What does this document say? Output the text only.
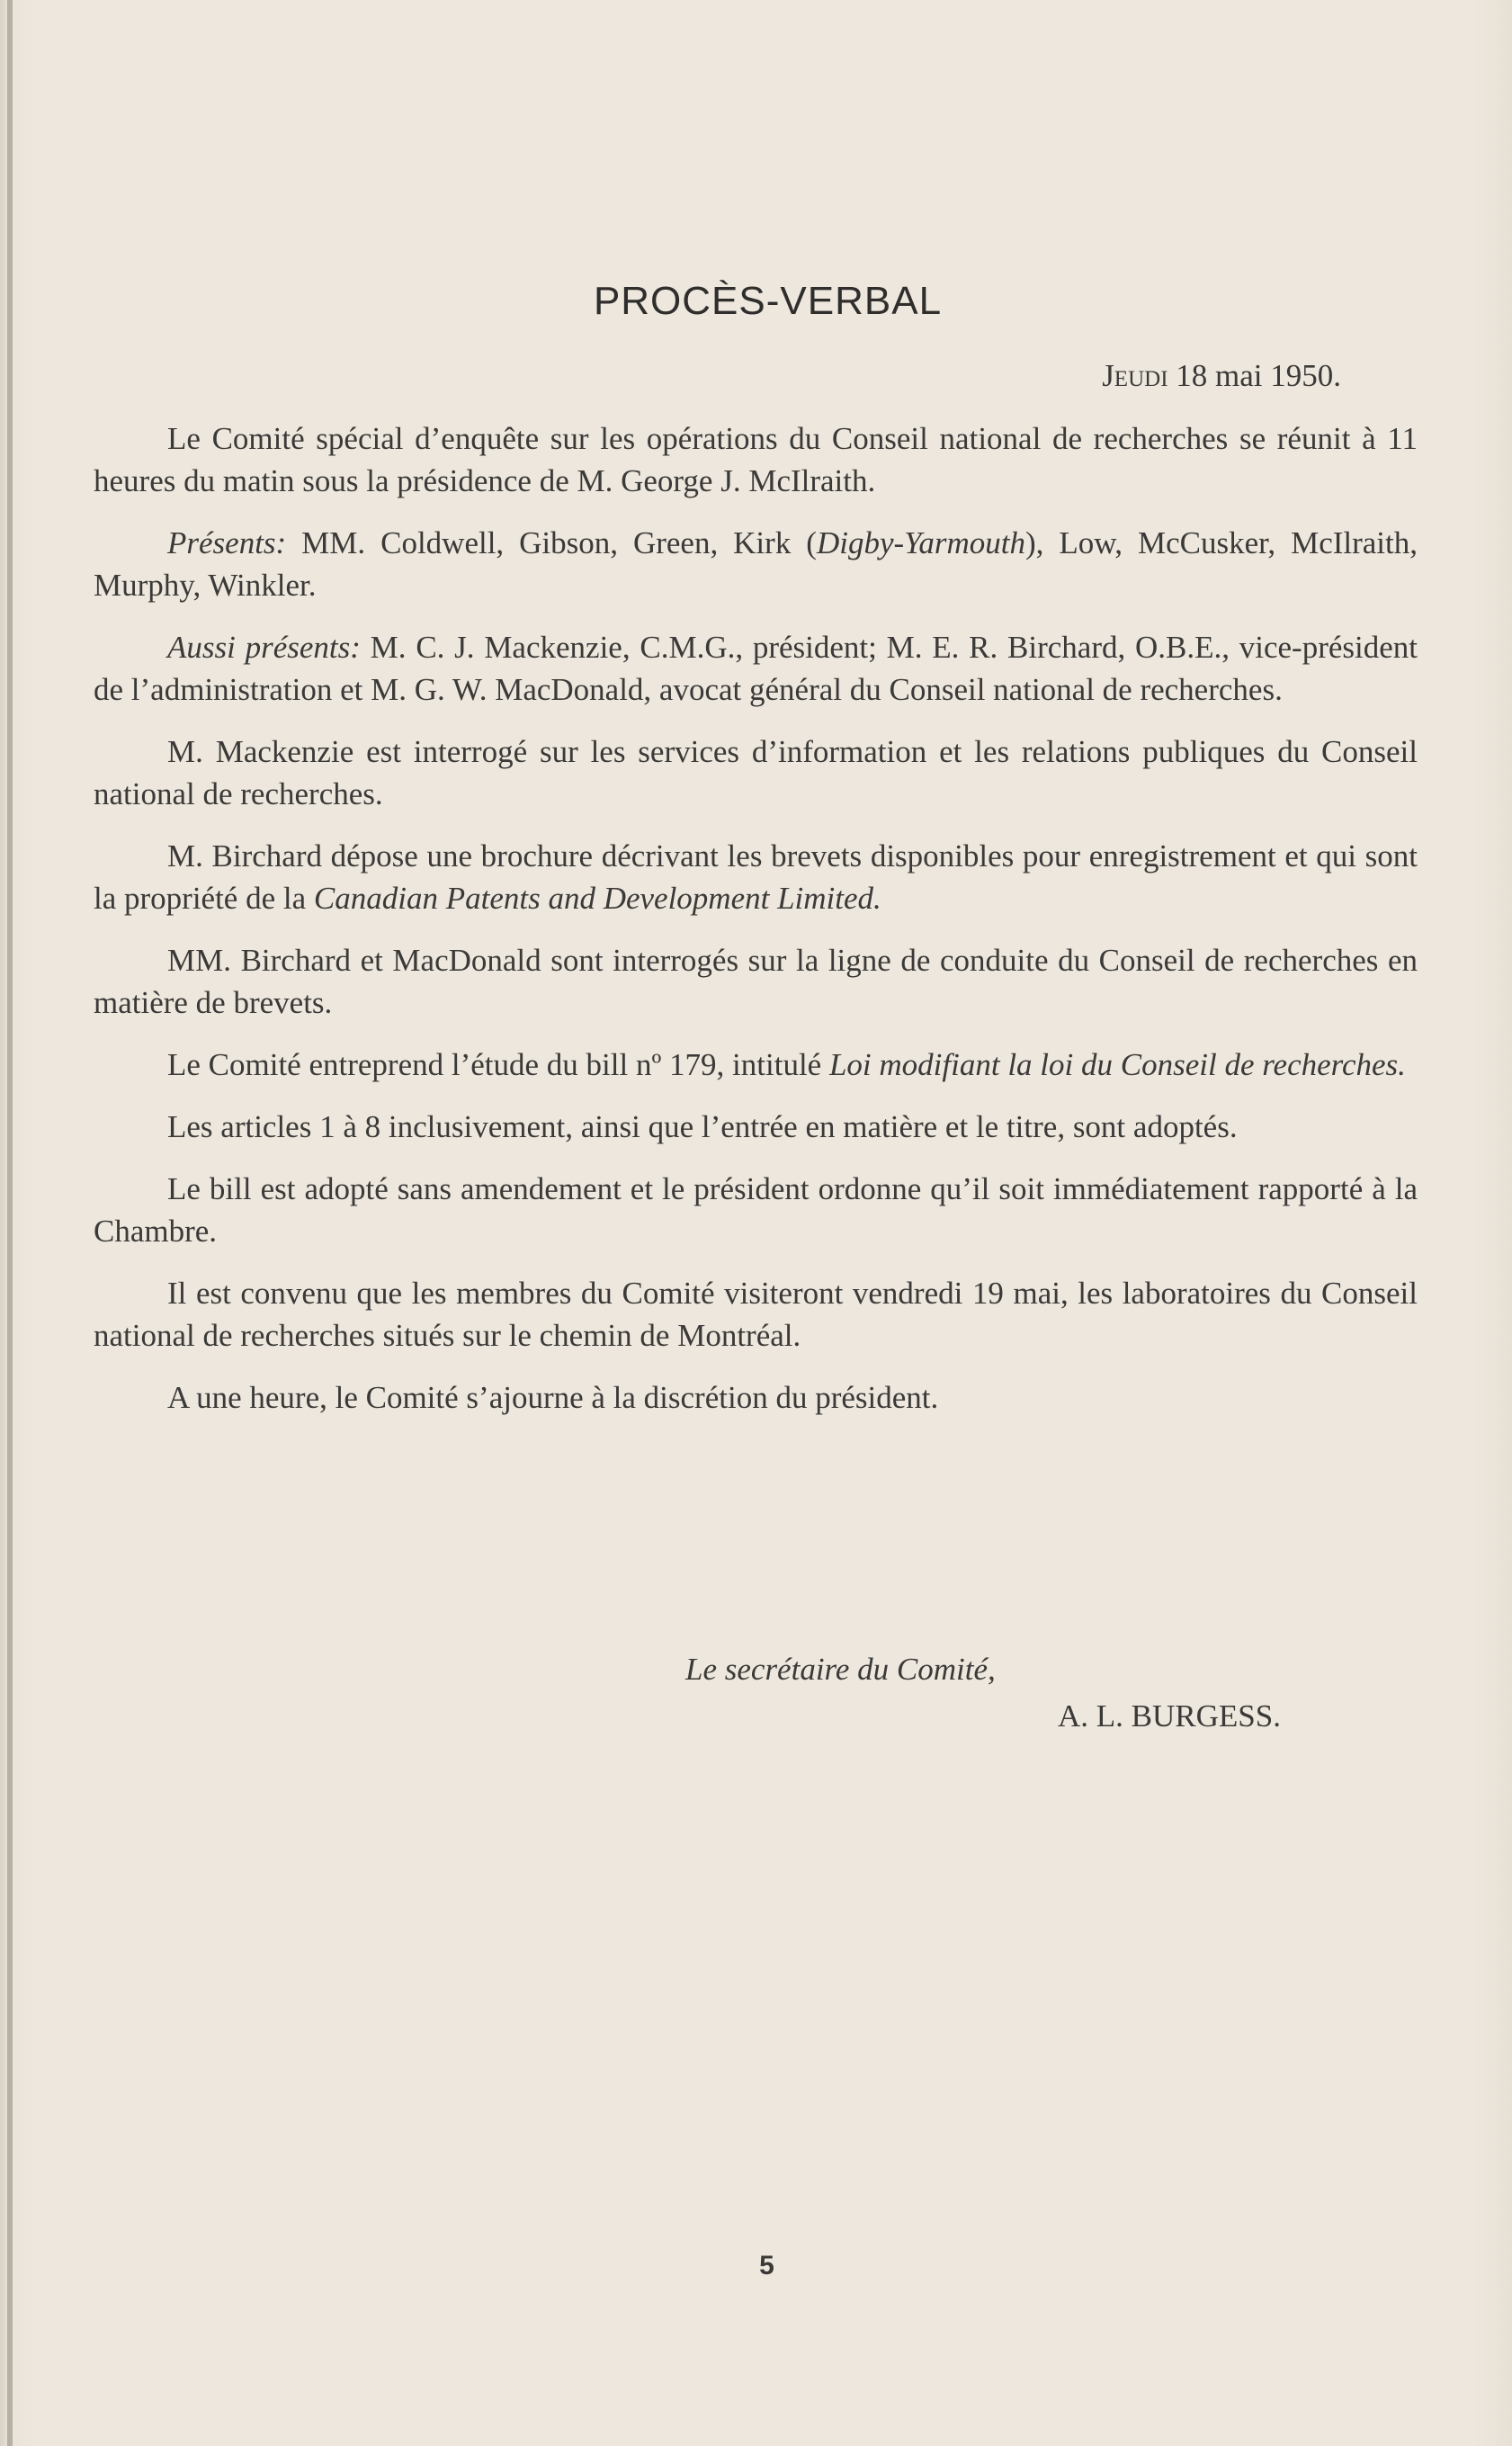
PROCÈS-VERBAL
Jeudi 18 mai 1950.

Le Comité spécial d’enquête sur les opérations du Conseil national de recherches se réunit à 11 heures du matin sous la présidence de M. George J. McIlraith.

Présents: MM. Coldwell, Gibson, Green, Kirk (Digby-Yarmouth), Low, McCusker, McIlraith, Murphy, Winkler.

Aussi présents: M. C. J. Mackenzie, C.M.G., président; M. E. R. Birchard, O.B.E., vice-président de l’administration et M. G. W. MacDonald, avocat général du Conseil national de recherches.

M. Mackenzie est interrogé sur les services d’information et les relations publiques du Conseil national de recherches.

M. Birchard dépose une brochure décrivant les brevets disponibles pour enregistrement et qui sont la propriété de la Canadian Patents and Development Limited.

MM. Birchard et MacDonald sont interrogés sur la ligne de conduite du Conseil de recherches en matière de brevets.

Le Comité entreprend l’étude du bill nº 179, intitulé Loi modifiant la loi du Conseil de recherches.

Les articles 1 à 8 inclusivement, ainsi que l’entrée en matière et le titre, sont adoptés.

Le bill est adopté sans amendement et le président ordonne qu’il soit immédiatement rapporté à la Chambre.

Il est convenu que les membres du Comité visiteront vendredi 19 mai, les laboratoires du Conseil national de recherches situés sur le chemin de Montréal.

A une heure, le Comité s’ajourne à la discrétion du président.

Le secrétaire du Comité,
A. L. BURGESS.
5
